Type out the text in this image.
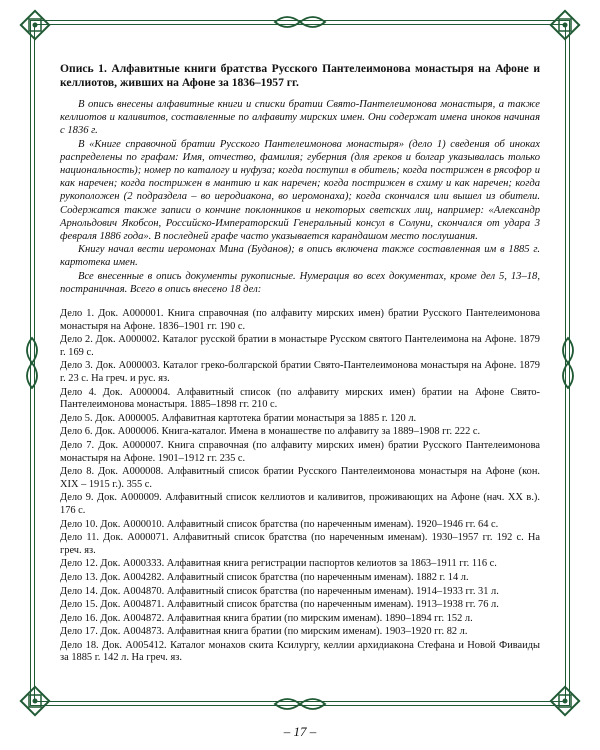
Опись 1. Алфавитные книги братства Русского Пантелеимонова монастыря на Афоне и келлиотов, живших на Афоне за 1836–1957 гг.

В опись внесены алфавитные книги и списки братии Свято-Пантелеимонова монастыря, а также келлиотов и каливитов, составленные по алфавиту мирских имен. Они содержат имена иноков начиная с 1836 г.

В «Книге справочной братии Русского Пантелеимонова монастыря» (дело 1) сведения об иноках распределены по графам: Имя, отчество, фамилия; губерния (для греков и болгар указывалась только национальность); номер по каталогу и нуфуза; когда поступил в обитель; когда пострижен в рясофор и как наречен; когда пострижен в мантию и как наречен; когда пострижен в схиму и как наречен; когда рукоположен (2 подраздела – во иеродиакона, во иеромонаха); когда скончался или вышел из обители. Содержатся также записи о кончине поклонников и некоторых светских лиц, например: «Александр Арнольдович Якобсон, Российско-Императорский Генеральный консул в Солуни, скончался от удара 3 февраля 1886 года». В последней графе часто указывается карандашом место послушания.

Книгу начал вести иеромонах Мина (Буданов); в опись включена также составленная им в 1885 г. картотека имен.

Все внесенные в опись документы рукописные. Нумерация во всех документах, кроме дел 5, 13–18, постраничная. Всего в опись внесено 18 дел:

Дело 1. Док. А000001. Книга справочная (по алфавиту мирских имен) братии Русского Пантелеимонова монастыря на Афоне. 1836–1901 гг. 190 с.

Дело 2. Док. А000002. Каталог русской братии в монастыре Русском святого Пантелеимона на Афоне. 1879 г. 169 с.

Дело 3. Док. А000003. Каталог греко-болгарской братии Свято-Пантелеимонова монастыря на Афоне. 1879 г. 23 с. На греч. и рус. яз.

Дело 4. Док. А000004. Алфавитный список (по алфавиту мирских имен) братии на Афоне Свято-Пантелеимонова монастыря. 1885–1898 гг. 210 с.

Дело 5. Док. А000005. Алфавитная картотека братии монастыря за 1885 г. 120 л.

Дело 6. Док. А000006. Книга-каталог. Имена в монашестве по алфавиту за 1889–1908 гг. 222 с.

Дело 7. Док. А000007. Книга справочная (по алфавиту мирских имен) братии Русского Пантелеимонова монастыря на Афоне. 1901–1912 гг. 235 с.

Дело 8. Док. А000008. Алфавитный список братии Русского Пантелеимонова монастыря на Афоне (кон. XIX – 1915 г.). 355 с.

Дело 9. Док. А000009. Алфавитный список келлиотов и каливитов, проживающих на Афоне (нач. XX в.). 176 с.

Дело 10. Док. А000010. Алфавитный список братства (по нареченным именам). 1920–1946 гг. 64 с.

Дело 11. Док. А000071. Алфавитный список братства (по нареченным именам). 1930–1957 гг. 192 с. На греч. яз.

Дело 12. Док. А000333. Алфавитная книга регистрации паспортов келиотов за 1863–1911 гг. 116 с.

Дело 13. Док. А004282. Алфавитный список братства (по нареченным именам). 1882 г. 14 л.

Дело 14. Док. А004870. Алфавитный список братства (по нареченным именам). 1914–1933 гг. 31 л.

Дело 15. Док. А004871. Алфавитный список братства (по нареченным именам). 1913–1938 гг. 76 л.

Дело 16. Док. А004872. Алфавитная книга братии (по мирским именам). 1890–1894 гг. 152 л.

Дело 17. Док. А004873. Алфавитная книга братии (по мирским именам). 1903–1920 гг. 82 л.

Дело 18. Док. А005412. Каталог монахов скита Ксилургу, келлии архидиакона Стефана и Новой Фиваиды за 1885 г. 142 л. На греч. яз.

– 17 –
